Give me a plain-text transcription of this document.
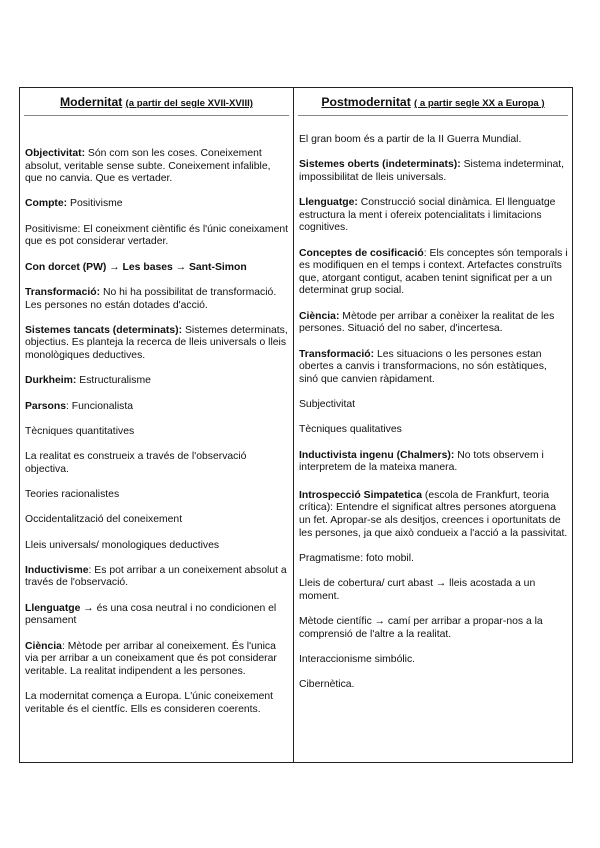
Modernitat (a partir del segle XVII-XVIII)

Objectivitat: Són com son les coses. Coneixement absolut, veritable sense subte. Coneixement infalible, que no canvia. Que es vertader.

Compte: Positivisme

Positivisme: El coneixment cièntific és l'únic coneixament que es pot considerar vertader.

Con dorcet (PW) → Les bases → Sant-Simon

Transformació: No hi ha possibilitat de transformació. Les persones no están dotades d'acció.

Sistemes tancats (determinats): Sistemes determinats, objectius. Es planteja la recerca de lleis universals o lleis monològiques deductives.

Durkheim: Estructuralisme

Parsons: Funcionalista

Tècniques quantitatives

La realitat es construeix a través de l'observació objectiva.

Teories racionalistes

Occidentalització del coneixement

Lleis universals/ monologiques deductives

Inductivisme: Es pot arribar a un coneixement absolut a través de l'observació.

Llenguatge → és una cosa neutral i no condicionen el pensament

Ciència: Mètode per arribar al coneixement. És l'unica via per arribar a un coneixament que és pot considerar veritable. La realitat indipendent a les persones.

La modernitat comença a Europa. L'únic coneixement veritable és el cientfíc. Ells es consideren coerents.

Postmodernitat ( a partir segle XX a Europa )

El gran boom és a partir de la II Guerra Mundial.

Sistemes oberts (indeterminats): Sistema indeterminat, impossibilitat de lleis universals.

Llenguatge: Construcció social dinàmica. El llenguatge estructura la ment i ofereix potencialitats i limitacions cognitives.

Conceptes de cosificació: Els conceptes són temporals i es modifiquen en el temps i context. Artefactes construïts que, atorgant contigut, acaben tenint significat per a un determinat grup social.

Ciència: Mètode per arribar a conèixer la realitat de les persones. Situació del no saber, d'incertesa.

Transformació: Les situacions o les persones estan obertes a canvis i transformacions, no són estàtiques, sinó que canvien ràpidament.

Subjectivitat

Tècniques qualitatives

Inductivista ingenu (Chalmers): No tots observem i interpretem de la mateixa manera.

Introspecció Simpatetica (escola de Frankfurt, teoria crítica): Entendre el significat altres persones atorguena un fet. Apropar-se als desitjos, creences i oportunitats de les persones, ja que això condueix a l'acció a la passivitat.

Pragmatisme: foto mobil.

Lleis de cobertura/ curt abast → lleis acostada a un moment.

Mètode científic → camí per arribar a propar-nos a la comprensió de l'altre a la realitat.

Interaccionisme simbólic.

Cibernètica.
